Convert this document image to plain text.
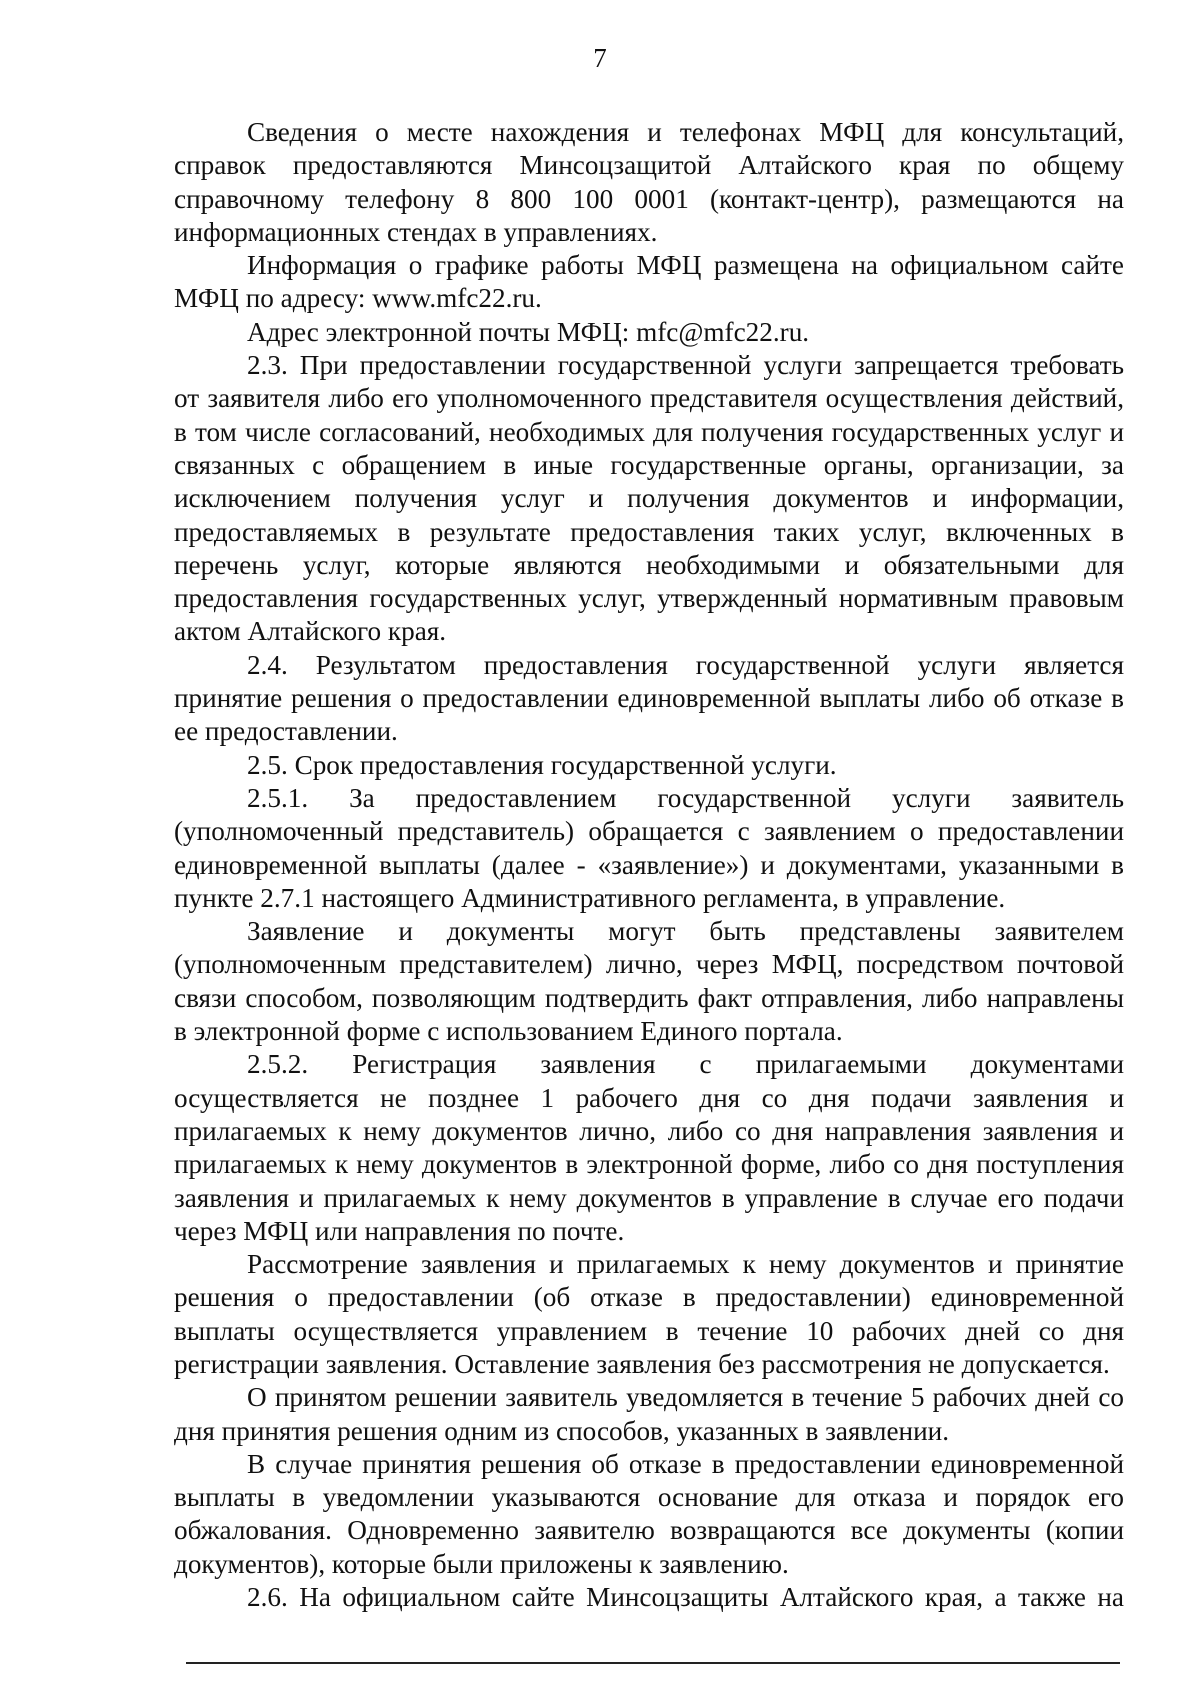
7

Сведения о месте нахождения и телефонах МФЦ для консультаций, справок предоставляются Минсоцзащитой Алтайского края по общему справочному телефону 8 800 100 0001 (контакт-центр), размещаются на информационных стендах в управлениях.

Информация о графике работы МФЦ размещена на официальном сайте МФЦ по адресу: www.mfc22.ru.

Адрес электронной почты МФЦ: mfc@mfc22.ru.

2.3. При предоставлении государственной услуги запрещается требовать от заявителя либо его уполномоченного представителя осуществления действий, в том числе согласований, необходимых для получения государственных услуг и связанных с обращением в иные государственные органы, организации, за исключением получения услуг и получения документов и информации, предоставляемых в результате предоставления таких услуг, включенных в перечень услуг, которые являются необходимыми и обязательными для предоставления государственных услуг, утвержденный нормативным правовым актом Алтайского края.

2.4. Результатом предоставления государственной услуги является принятие решения о предоставлении единовременной выплаты либо об отказе в ее предоставлении.

2.5. Срок предоставления государственной услуги.

2.5.1. За предоставлением государственной услуги заявитель (уполномоченный представитель) обращается с заявлением о предоставлении единовременной выплаты (далее - «заявление») и документами, указанными в пункте 2.7.1 настоящего Административного регламента, в управление.

Заявление и документы могут быть представлены заявителем (уполномоченным представителем) лично, через МФЦ, посредством почтовой связи способом, позволяющим подтвердить факт отправления, либо направлены в электронной форме с использованием Единого портала.

2.5.2. Регистрация заявления с прилагаемыми документами осуществляется не позднее 1 рабочего дня со дня подачи заявления и прилагаемых к нему документов лично, либо со дня направления заявления и прилагаемых к нему документов в электронной форме, либо со дня поступления заявления и прилагаемых к нему документов в управление в случае его подачи через МФЦ или направления по почте.

Рассмотрение заявления и прилагаемых к нему документов и принятие решения о предоставлении (об отказе в предоставлении) единовременной выплаты осуществляется управлением в течение 10 рабочих дней со дня регистрации заявления. Оставление заявления без рассмотрения не допускается.

О принятом решении заявитель уведомляется в течение 5 рабочих дней со дня принятия решения одним из способов, указанных в заявлении.

В случае принятия решения об отказе в предоставлении единовременной выплаты в уведомлении указываются основание для отказа и порядок его обжалования. Одновременно заявителю возвращаются все документы (копии документов), которые были приложены к заявлению.

2.6. На официальном сайте Минсоцзащиты Алтайского края, а также на
